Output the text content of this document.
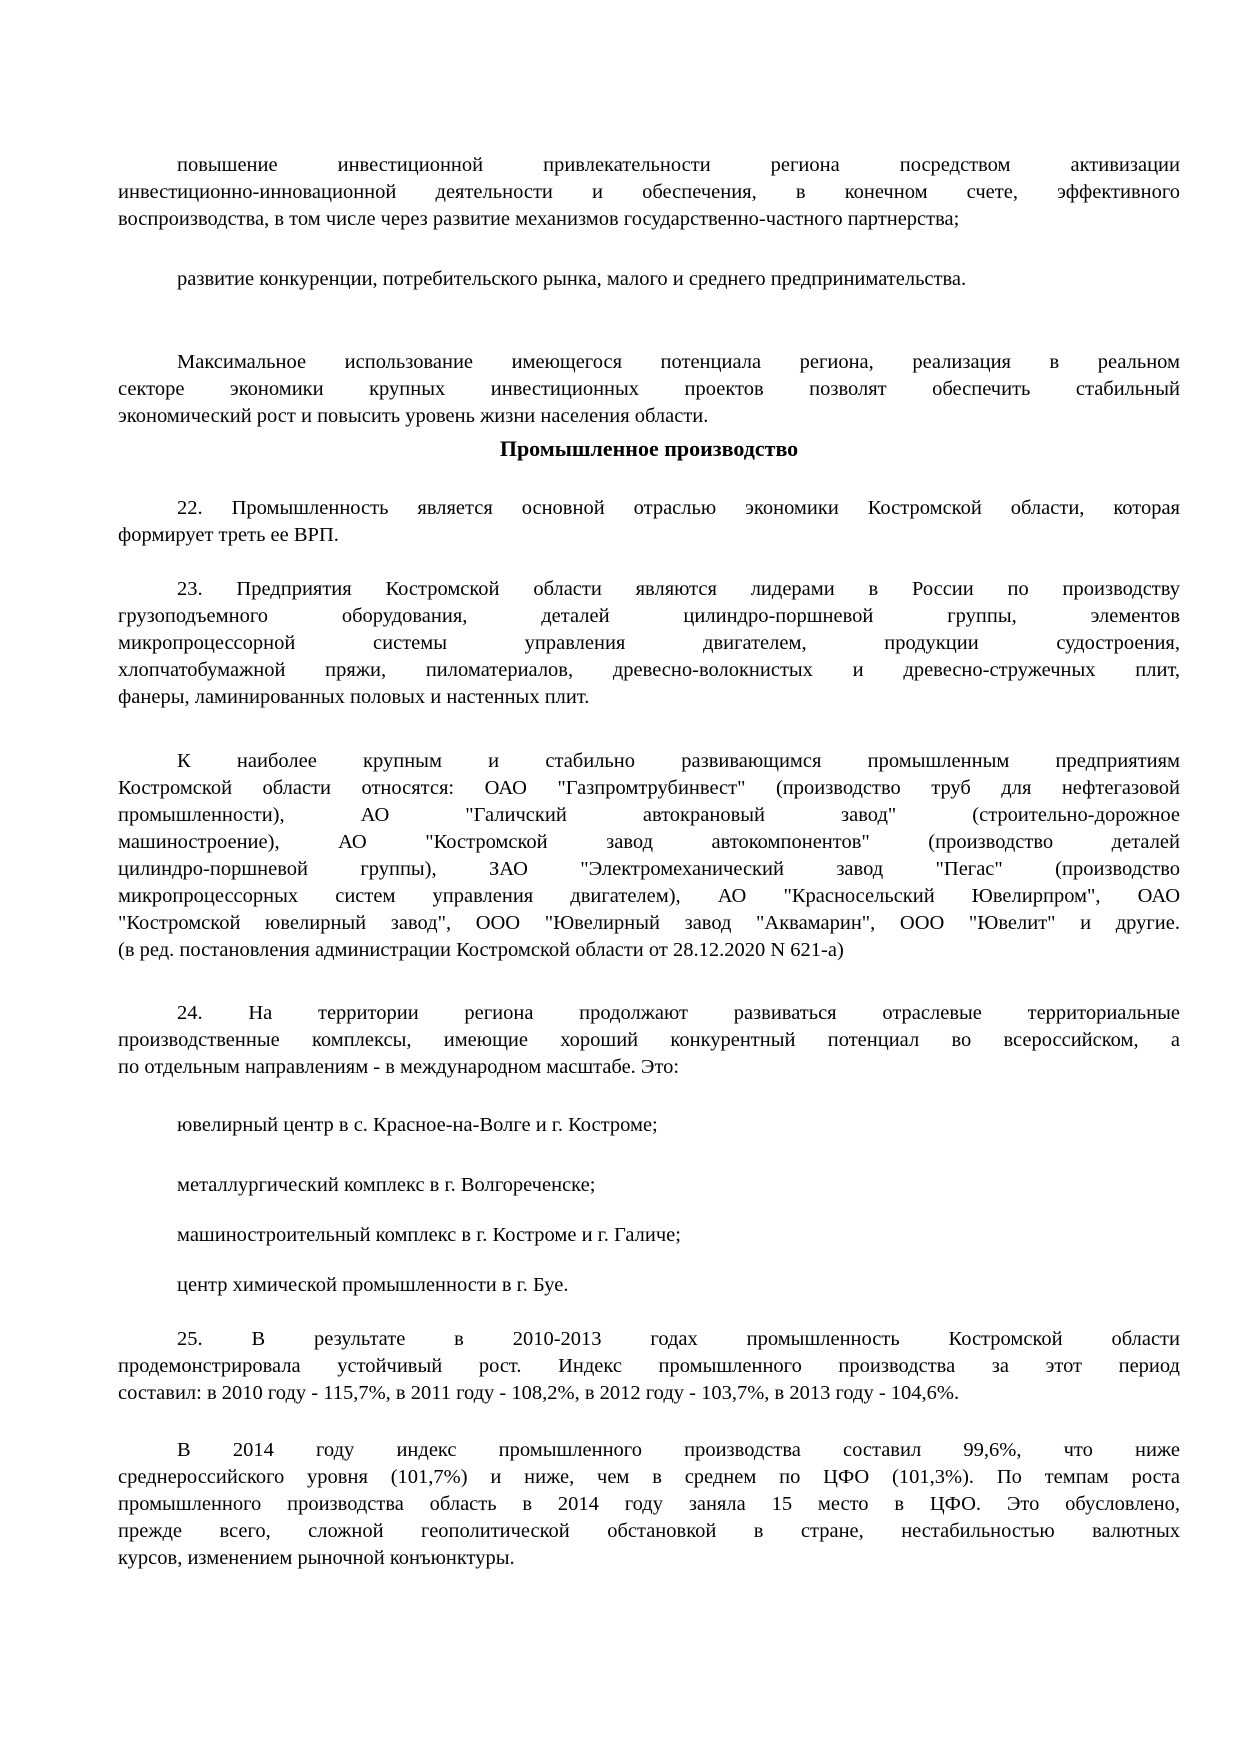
Промышленное производство
повышение инвестиционной привлекательности региона посредством активизации
инвестиционно-инновационной деятельности и обеспечения, в конечном счете, эффективного
воспроизводства, в том числе через развитие механизмов государственно-частного партнерства;
развитие конкуренции, потребительского рынка, малого и среднего предпринимательства.
Максимальное использование имеющегося потенциала региона, реализация в реальном
секторе экономики крупных инвестиционных проектов позволят обеспечить стабильный
экономический рост и повысить уровень жизни населения области.
22. Промышленность является основной отраслью экономики Костромской области, которая
формирует треть ее ВРП.
23. Предприятия Костромской области являются лидерами в России по производству
грузоподъемного оборудования, деталей цилиндро-поршневой группы, элементов
микропроцессорной системы управления двигателем, продукции судостроения,
хлопчатобумажной пряжи, пиломатериалов, древесно-волокнистых и древесно-стружечных плит,
фанеры, ламинированных половых и настенных плит.
К наиболее крупным и стабильно развивающимся промышленным предприятиям
Костромской области относятся: ОАО "Газпромтрубинвест" (производство труб для нефтегазовой
промышленности), АО "Галичский автокрановый завод" (строительно-дорожное
машиностроение), АО "Костромской завод автокомпонентов" (производство деталей
цилиндро-поршневой группы), ЗАО "Электромеханический завод "Пегас" (производство
микропроцессорных систем управления двигателем), АО "Красносельский Ювелирпром", ОАО
"Костромской ювелирный завод", ООО "Ювелирный завод "Аквамарин", ООО "Ювелит" и другие.
(в ред. постановления администрации Костромской области от 28.12.2020 N 621-а)
24. На территории региона продолжают развиваться отраслевые территориальные
производственные комплексы, имеющие хороший конкурентный потенциал во всероссийском, а
по отдельным направлениям - в международном масштабе. Это:
ювелирный центр в с. Красное-на-Волге и г. Костроме;
металлургический комплекс в г. Волгореченске;
машиностроительный комплекс в г. Костроме и г. Галиче;
центр химической промышленности в г. Буе.
25. В результате в 2010-2013 годах промышленность Костромской области
продемонстрировала устойчивый рост. Индекс промышленного производства за этот период
составил: в 2010 году - 115,7%, в 2011 году - 108,2%, в 2012 году - 103,7%, в 2013 году - 104,6%.
В 2014 году индекс промышленного производства составил 99,6%, что ниже
среднероссийского уровня (101,7%) и ниже, чем в среднем по ЦФО (101,3%). По темпам роста
промышленного производства область в 2014 году заняла 15 место в ЦФО. Это обусловлено,
прежде всего, сложной геополитической обстановкой в стране, нестабильностью валютных
курсов, изменением рыночной конъюнктуры.
